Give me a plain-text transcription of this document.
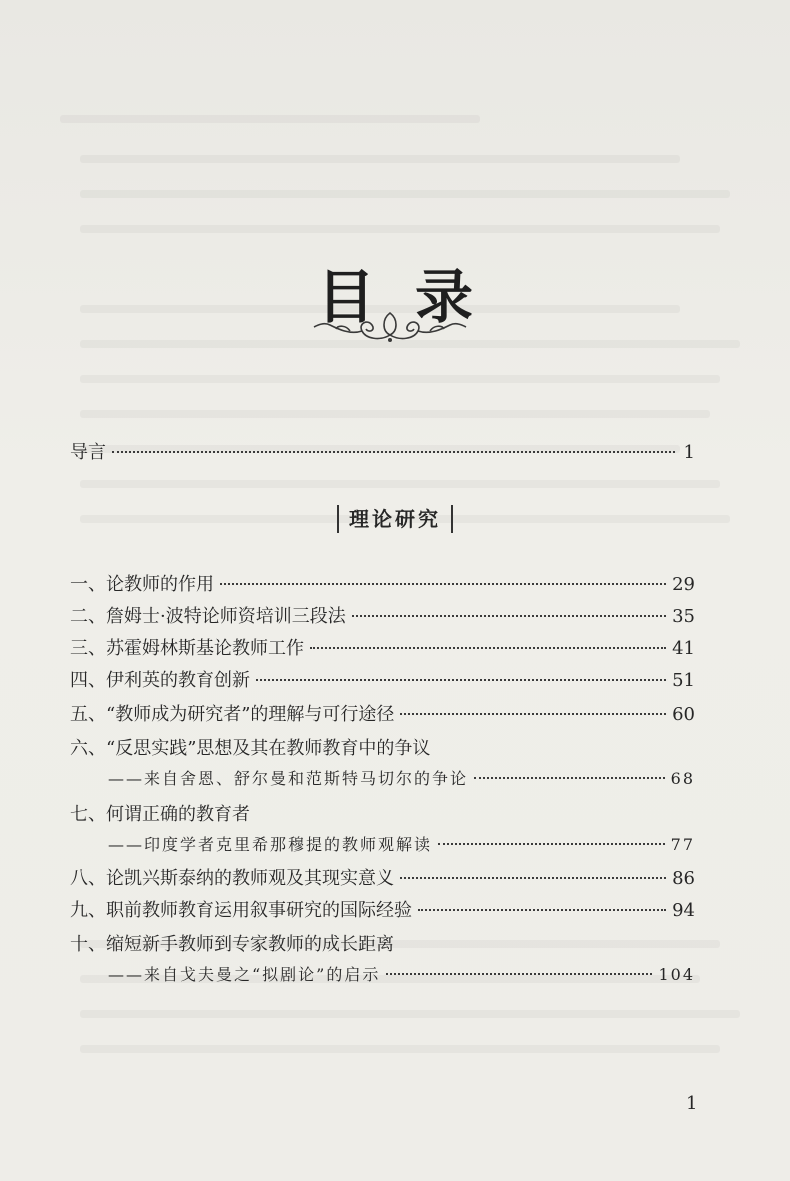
目录
导言	1
理论研究
一、论教师的作用	29
二、詹姆士·波特论师资培训三段法	35
三、苏霍姆林斯基论教师工作	41
四、伊利英的教育创新	51
五、“教师成为研究者”的理解与可行途径	60
六、“反思实践”思想及其在教师教育中的争议
——来自舍恩、舒尔曼和范斯特马切尔的争论	68
七、何谓正确的教育者
——印度学者克里希那穆提的教师观解读	77
八、论凯兴斯泰纳的教师观及其现实意义	86
九、职前教师教育运用叙事研究的国际经验	94
十、缩短新手教师到专家教师的成长距离
——来自戈夫曼之“拟剧论”的启示	104
1
